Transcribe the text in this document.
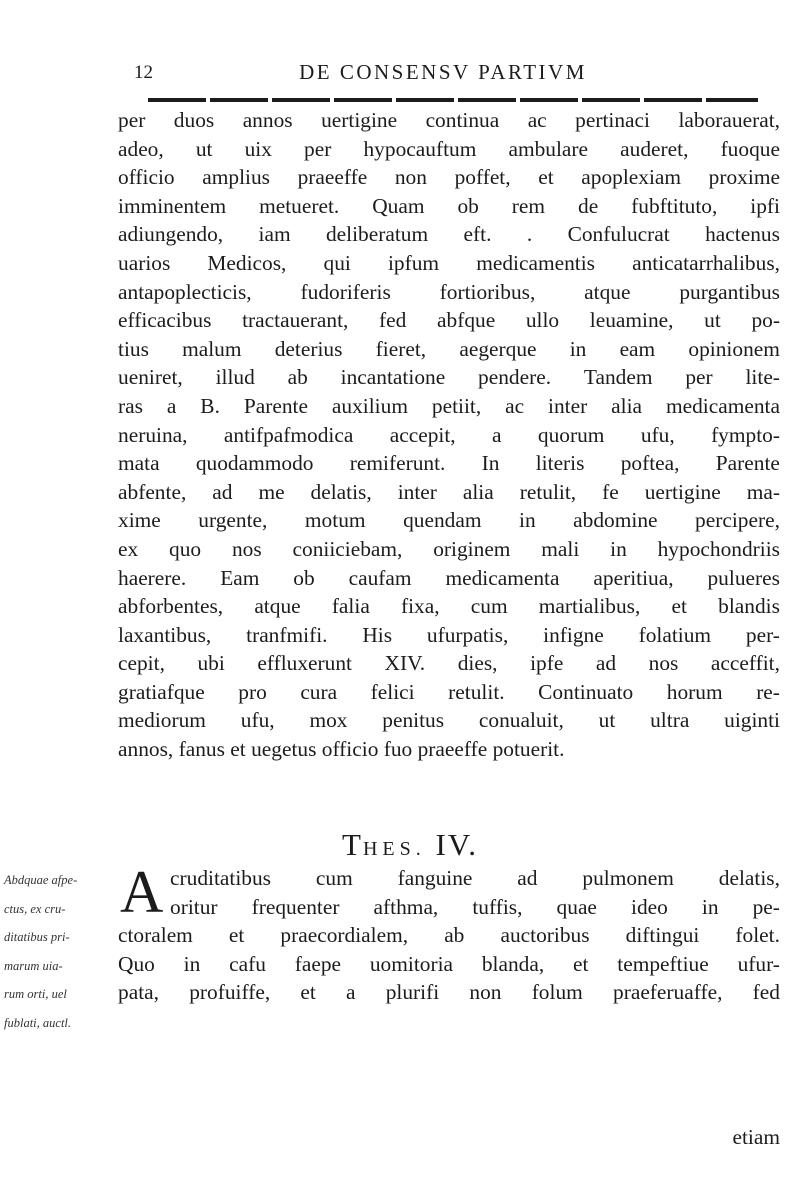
12	DE CONSENSV PARTIVM
per duos annos uertigine continua ac pertinaci laborauerat,
adeo, ut uix per hypocauftum ambulare auderet, fuoque
officio amplius praeeffe non poffet, et apoplexiam proxime
imminentem metueret. Quam ob rem de fubftituto, ipfi
adiungendo, iam deliberatum eft. . Confulucrat hactenus
uarios Medicos, qui ipfum medicamentis anticatarrhalibus,
antapoplecticis, fudoriferis fortioribus, atque purgantibus
efficacibus tractauerant, fed abfque ullo leuamine, ut po-
tius malum deterius fieret, aegerque in eam opinionem
ueniret, illud ab incantatione pendere. Tandem per lite-
ras a B. Parente auxilium petiit, ac inter alia medicamenta
neruina, antifpafmodica accepit, a quorum ufu, fympto-
mata quodammodo remiferunt. In literis poftea, Parente
abfente, ad me delatis, inter alia retulit, fe uertigine ma-
xime urgente, motum quendam in abdomine percipere,
ex quo nos coniiciebam, originem mali in hypochondriis
haerere. Eam ob caufam medicamenta aperitiua, pulueres
abforbentes, atque falia fixa, cum martialibus, et blandis
laxantibus, tranfmifi. His ufurpatis, infigne folatium per-
cepit, ubi effluxerunt XIV. dies, ipfe ad nos acceffit,
gratiafque pro cura felici retulit. Continuato horum re-
mediorum ufu, mox penitus conualuit, ut ultra uiginti
annos, fanus et uegetus officio fuo praeeffe potuerit.
THES. IV.
Abdquae afpe-
ctus, ex cru-
ditatibus pri-
marum uia-
rum orti, uel
fublati, auctl.
A cruditatibus cum fanguine ad pulmonem delatis,
oritur frequenter afthma, tuffis, quae ideo in pe-
ctoralem et praecordialem, ab auctoribus diftingui folet.
Quo in cafu faepe uomitoria blanda, et tempeftiue ufur-
pata, profuiffe, et a plurifi non folum praeferuaffe, fed
etiam
